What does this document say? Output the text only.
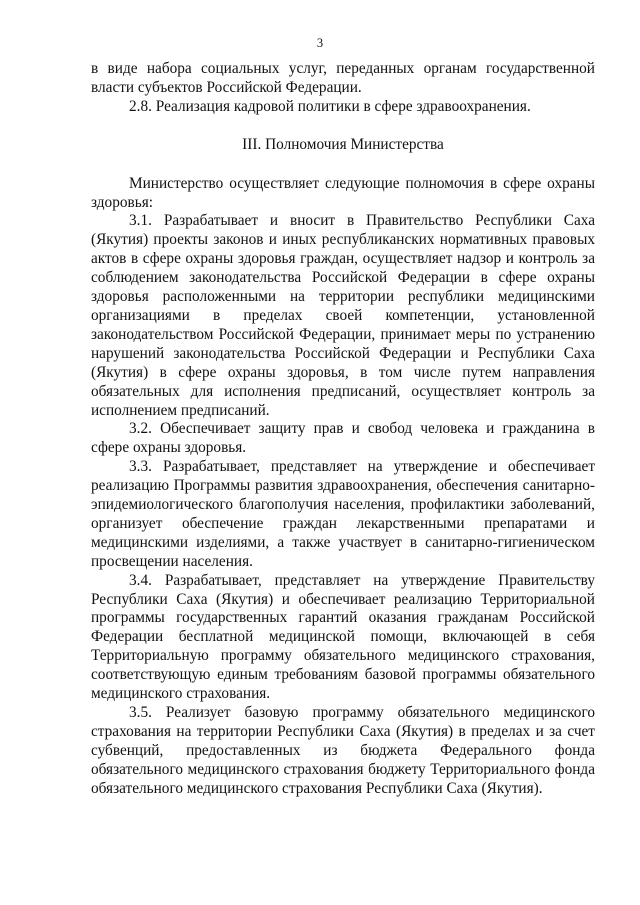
3

в виде набора социальных услуг, переданных органам государственной власти субъектов Российской Федерации.

2.8. Реализация кадровой политики в сфере здравоохранения.

III. Полномочия Министерства

Министерство осуществляет следующие полномочия в сфере охраны здоровья:

3.1. Разрабатывает и вносит в Правительство Республики Саха (Якутия) проекты законов и иных республиканских нормативных правовых актов в сфере охраны здоровья граждан, осуществляет надзор и контроль за соблюдением законодательства Российской Федерации в сфере охраны здоровья расположенными на территории республики медицинскими организациями в пределах своей компетенции, установленной законодательством Российской Федерации, принимает меры по устранению нарушений законодательства Российской Федерации и Республики Саха (Якутия) в сфере охраны здоровья, в том числе путем направления обязательных для исполнения предписаний, осуществляет контроль за исполнением предписаний.

3.2. Обеспечивает защиту прав и свобод человека и гражданина в сфере охраны здоровья.

3.3. Разрабатывает, представляет на утверждение и обеспечивает реализацию Программы развития здравоохранения, обеспечения санитарно-эпидемиологического благополучия населения, профилактики заболеваний, организует обеспечение граждан лекарственными препаратами и медицинскими изделиями, а также участвует в санитарно-гигиеническом просвещении населения.

3.4. Разрабатывает, представляет на утверждение Правительству Республики Саха (Якутия) и обеспечивает реализацию Территориальной программы государственных гарантий оказания гражданам Российской Федерации бесплатной медицинской помощи, включающей в себя Территориальную программу обязательного медицинского страхования, соответствующую единым требованиям базовой программы обязательного медицинского страхования.

3.5. Реализует базовую программу обязательного медицинского страхования на территории Республики Саха (Якутия) в пределах и за счет субвенций, предоставленных из бюджета Федерального фонда обязательного медицинского страхования бюджету Территориального фонда обязательного медицинского страхования Республики Саха (Якутия).
